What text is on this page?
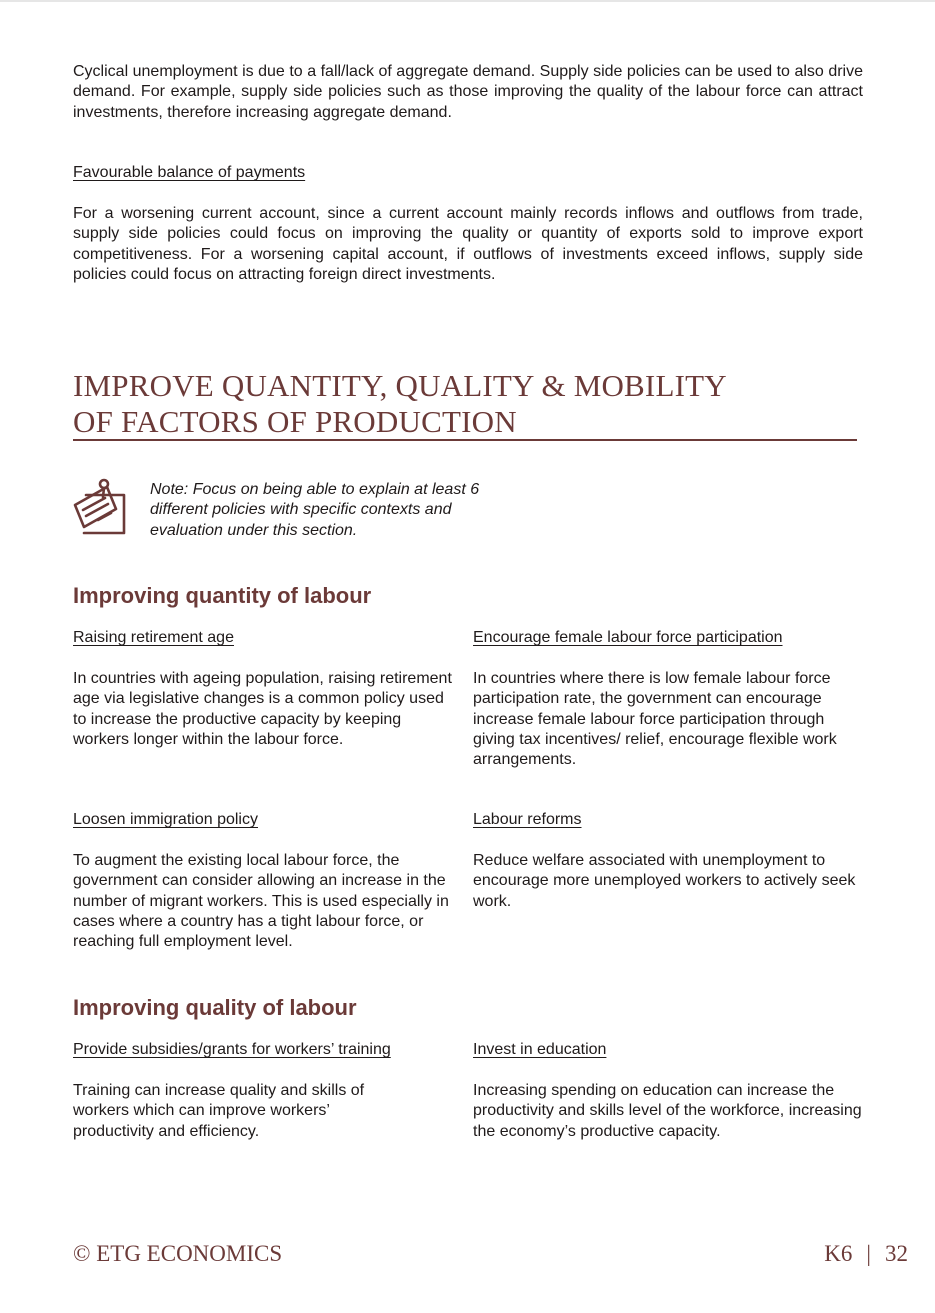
Cyclical unemployment is due to a fall/lack of aggregate demand. Supply side policies can be used to also drive demand. For example, supply side policies such as those improving the quality of the labour force can attract investments, therefore increasing aggregate demand.

Favourable balance of payments

For a worsening current account, since a current account mainly records inflows and outflows from trade, supply side policies could focus on improving the quality or quantity of exports sold to improve export competitiveness. For a worsening capital account, if outflows of investments exceed inflows, supply side policies could focus on attracting foreign direct investments.

IMPROVE QUANTITY, QUALITY & MOBILITY
OF FACTORS OF PRODUCTION

Note: Focus on being able to explain at least 6 different policies with specific contexts and evaluation under this section.

Improving quantity of labour

Raising retirement age

In countries with ageing population, raising retirement age via legislative changes is a common policy used to increase the productive capacity by keeping workers longer within the labour force.

Encourage female labour force participation

In countries where there is low female labour force participation rate, the government can encourage increase female labour force participation through giving tax incentives/ relief, encourage flexible work arrangements.

Loosen immigration policy

To augment the existing local labour force, the government can consider allowing an increase in the number of migrant workers. This is used especially in cases where a country has a tight labour force, or reaching full employment level.

Labour reforms

Reduce welfare associated with unemployment to encourage more unemployed workers to actively seek work.

Improving quality of labour

Provide subsidies/grants for workers’ training

Training can increase quality and skills of workers which can improve workers’ productivity and efficiency.

Invest in education

Increasing spending on education can increase the productivity and skills level of the workforce, increasing the economy’s productive capacity.

© ETG ECONOMICS	K6 | 32
